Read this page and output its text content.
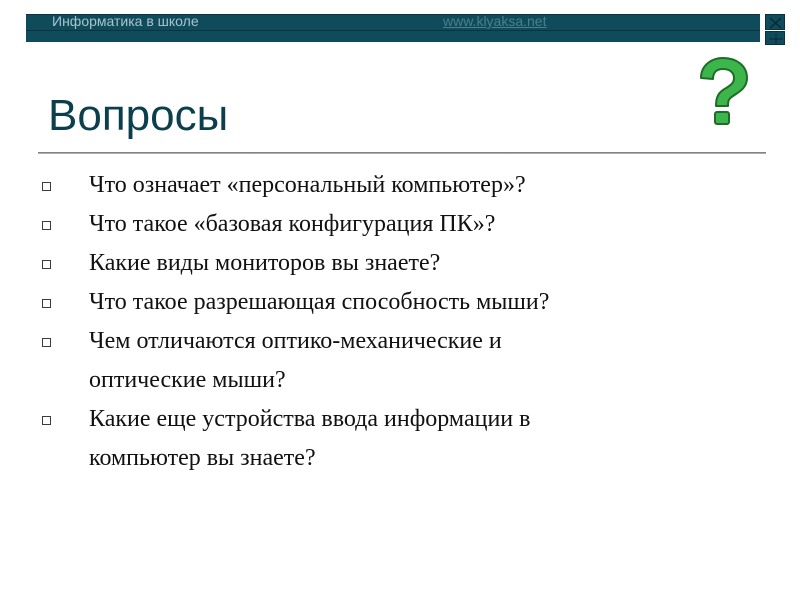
Информатика в школе	www.klyaksa.net
Вопросы
Что означает «персональный компьютер»?
Что такое «базовая конфигурация ПК»?
Какие виды мониторов вы знаете?
Что такое разрешающая способность мыши?
Чем отличаются оптико-механические и
оптические мыши?
Какие еще устройства ввода информации в
компьютер вы знаете?
